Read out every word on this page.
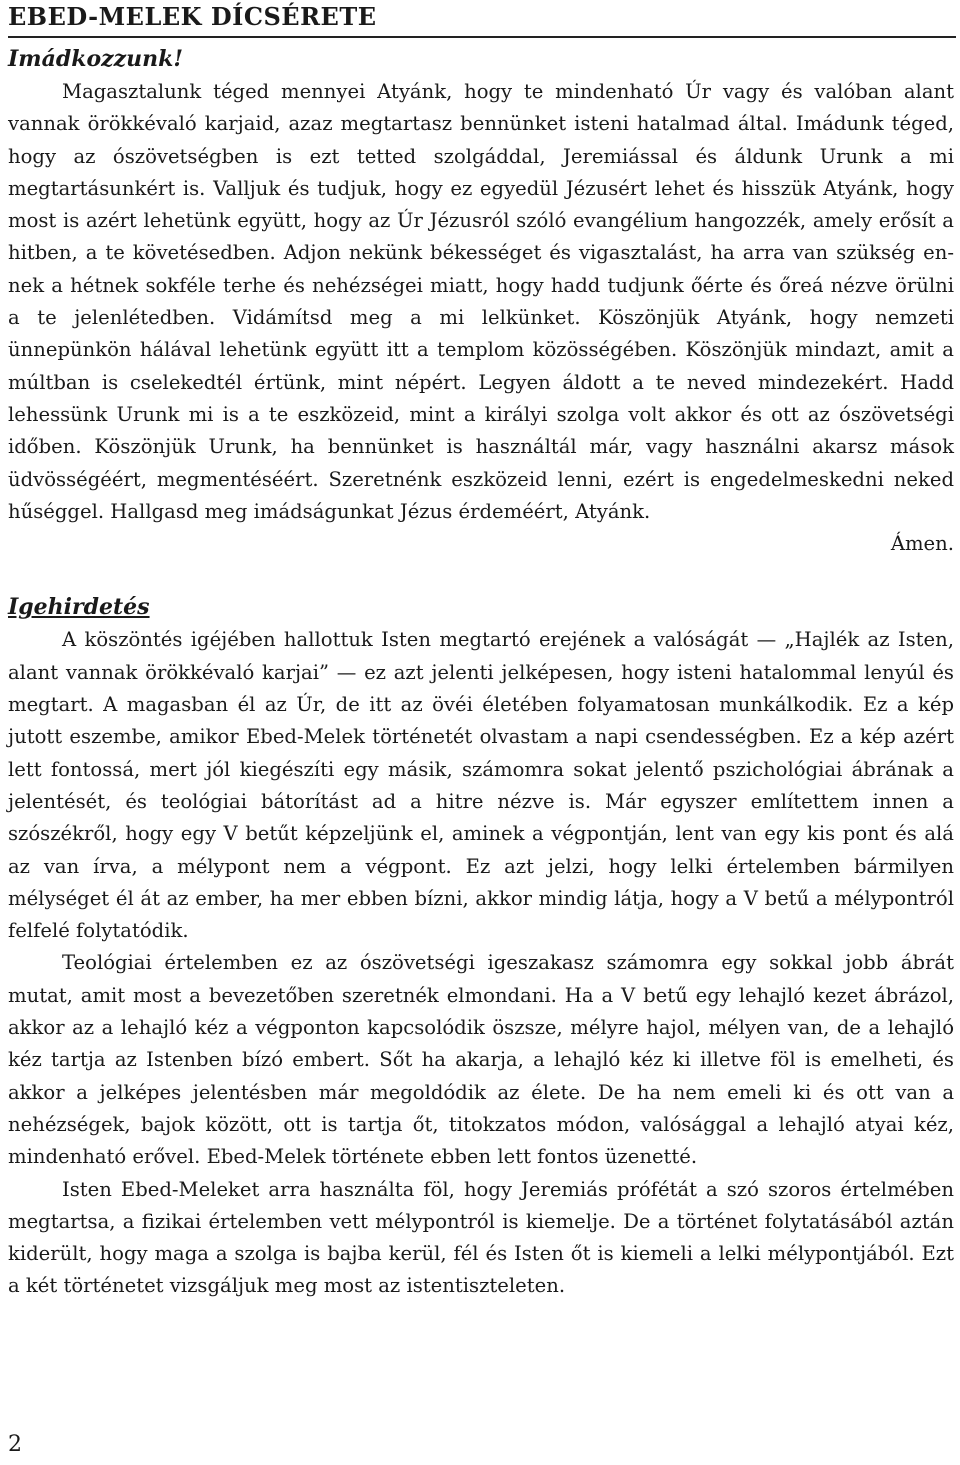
EBED-MELEK DÍCSÉRETE
Imádkozzunk!

Magasztalunk téged mennyei Atyánk, hogy te mindenható Úr vagy és valóban alant vannak örökkévaló karjaid, azaz megtartasz bennünket isteni hatalmad által. Imádunk téged, hogy az ószövetségben is ezt tetted szolgáddal, Jeremiással és áldunk Urunk a mi megtartásunkért is. Valljuk és tudjuk, hogy ez egyedül Jézusért lehet és hisszük Atyánk, hogy most is azért lehetünk együtt, hogy az Úr Jézusról szóló evangélium hangozzék, amely erősít a hitben, a te követésedben. Adjon nekünk békességet és vigasztalást, ha arra van szükség ennek a hétnek sokféle terhe és nehézségei miatt, hogy hadd tudjunk őérte és őreá nézve örülni a te jelenlétedben. Vidámítsd meg a mi lelkünket. Köszönjük Atyánk, hogy nemzeti ünnepünkön hálával lehetünk együtt itt a templom közösségében. Köszönjük mindazt, amit a múltban is cselekedtél értünk, mint népért. Legyen áldott a te neved mindezekért. Hadd lehessünk Urunk mi is a te eszközeid, mint a királyi szolga volt akkor és ott az ószövetségi időben. Köszönjük Urunk, ha bennünket is használtál már, vagy használni akarsz mások üdvösségéért, megmentéséért. Szeretnénk eszközeid lenni, ezért is engedelmeskedni neked hűséggel. Hallgasd meg imádságunkat Jézus érdeméért, Atyánk.

Ámen.
Igehirdetés

A köszöntés igéjében hallottuk Isten megtartó erejének a valóságát — „Hajlék az Isten, alant vannak örökkévaló karjai” — ez azt jelenti jelképesen, hogy isteni hatalommal lenyúl és megtart. A magasban él az Úr, de itt az övéi életében folyamatosan munkálkodik. Ez a kép jutott eszembe, amikor Ebed-Melek történetét olvastam a napi csendességben. Ez a kép azért lett fontossá, mert jól kiegészíti egy másik, számomra sokat jelentő pszichológiai ábrának a jelentését, és teológiai bátorítást ad a hitre nézve is. Már egyszer említettem innen a szószékről, hogy egy V betűt képzeljünk el, aminek a végpontján, lent van egy kis pont és alá az van írva, a mélypont nem a végpont. Ez azt jelzi, hogy lelki értelemben bármilyen mélységet él át az ember, ha mer ebben bízni, akkor mindig látja, hogy a V betű a mélypontról felfelé folytatódik.

Teológiai értelemben ez az ószövetségi igeszakasz számomra egy sokkal jobb ábrát mutat, amit most a bevezetőben szeretnék elmondani. Ha a V betű egy lehajló kezet ábrázol, akkor az a lehajló kéz a végponton kapcsolódik öszsze, mélyre hajol, mélyen van, de a lehajló kéz tartja az Istenben bízó embert. Sőt ha akarja, a lehajló kéz ki illetve föl is emelheti, és akkor a jelképes jelentésben már megoldódik az élete. De ha nem emeli ki és ott van a nehézségek, bajok között, ott is tartja őt, titokzatos módon, valósággal a lehajló atyai kéz, mindenható erővel. Ebed-Melek története ebben lett fontos üzenetté.

Isten Ebed-Meleket arra használta föl, hogy Jeremiás prófétát a szó szoros értelmében megtartsa, a fizikai értelemben vett mélypontról is kiemelje. De a történet folytatásából aztán kiderült, hogy maga a szolga is bajba kerül, fél és Isten őt is kiemeli a lelki mélypontjából. Ezt a két történetet vizsgáljuk meg most az istentiszteleten.

2
